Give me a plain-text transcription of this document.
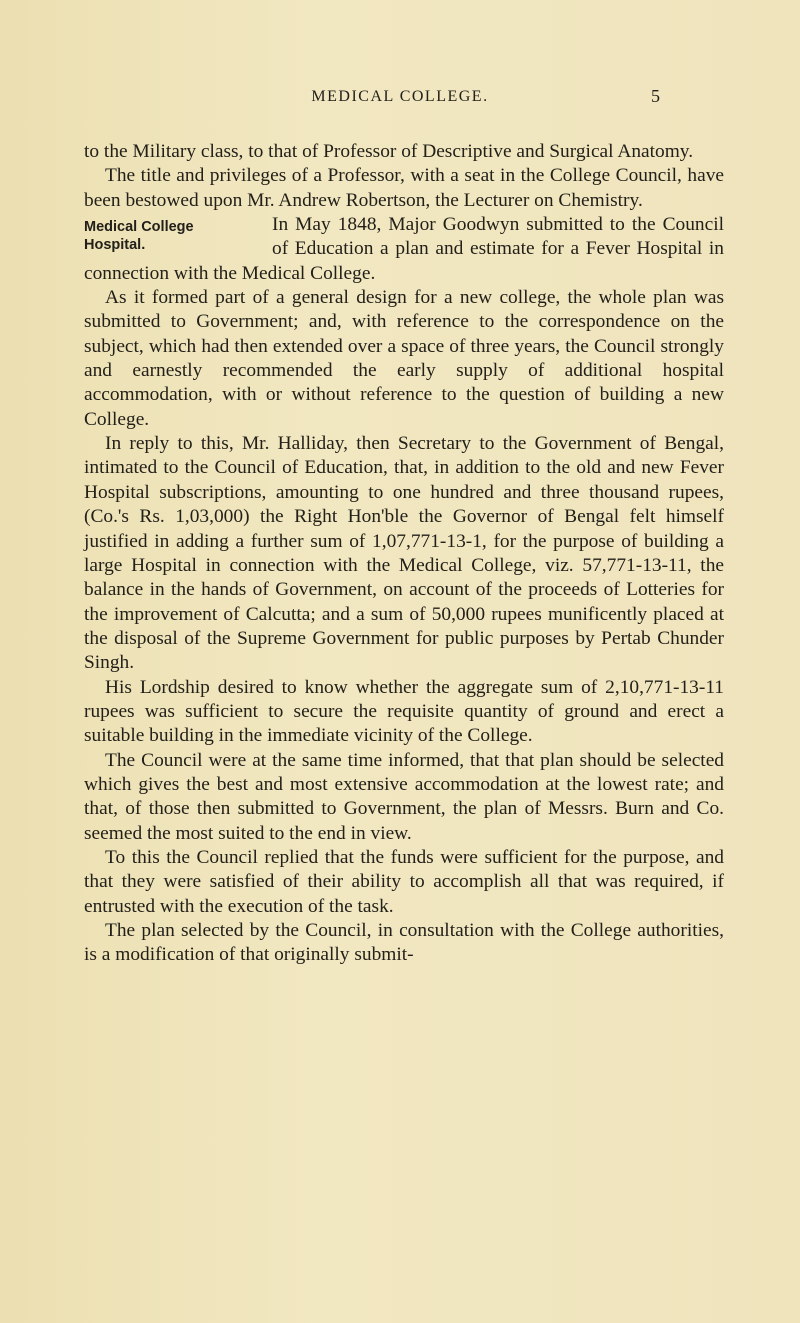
MEDICAL COLLEGE.	5

to the Military class, to that of Professor of Descriptive and Surgical Anatomy.

The title and privileges of a Professor, with a seat in the College Council, have been bestowed upon Mr. Andrew Robertson, the Lecturer on Chemistry.

Medical College
Hospital.
In May 1848, Major Goodwyn submitted to the Council of Education a plan and estimate for a Fever Hospital in connection with the Medical College.

As it formed part of a general design for a new college, the whole plan was submitted to Government; and, with reference to the correspondence on the subject, which had then extended over a space of three years, the Council strongly and earnestly recommended the early supply of additional hospital accommodation, with or without reference to the question of building a new College.

In reply to this, Mr. Halliday, then Secretary to the Government of Bengal, intimated to the Council of Education, that, in addition to the old and new Fever Hospital subscriptions, amounting to one hundred and three thousand rupees, (Co.'s Rs. 1,03,000) the Right Hon'ble the Governor of Bengal felt himself justified in adding a further sum of 1,07,771-13-1, for the purpose of building a large Hospital in connection with the Medical College, viz. 57,771-13-11, the balance in the hands of Government, on account of the proceeds of Lotteries for the improvement of Calcutta; and a sum of 50,000 rupees munificently placed at the disposal of the Supreme Government for public purposes by Pertab Chunder Singh.

His Lordship desired to know whether the aggregate sum of 2,10,771-13-11 rupees was sufficient to secure the requisite quantity of ground and erect a suitable building in the immediate vicinity of the College.

The Council were at the same time informed, that that plan should be selected which gives the best and most extensive accommodation at the lowest rate; and that, of those then submitted to Government, the plan of Messrs. Burn and Co. seemed the most suited to the end in view.

To this the Council replied that the funds were sufficient for the purpose, and that they were satisfied of their ability to accomplish all that was required, if entrusted with the execution of the task.

The plan selected by the Council, in consultation with the College authorities, is a modification of that originally submit-
